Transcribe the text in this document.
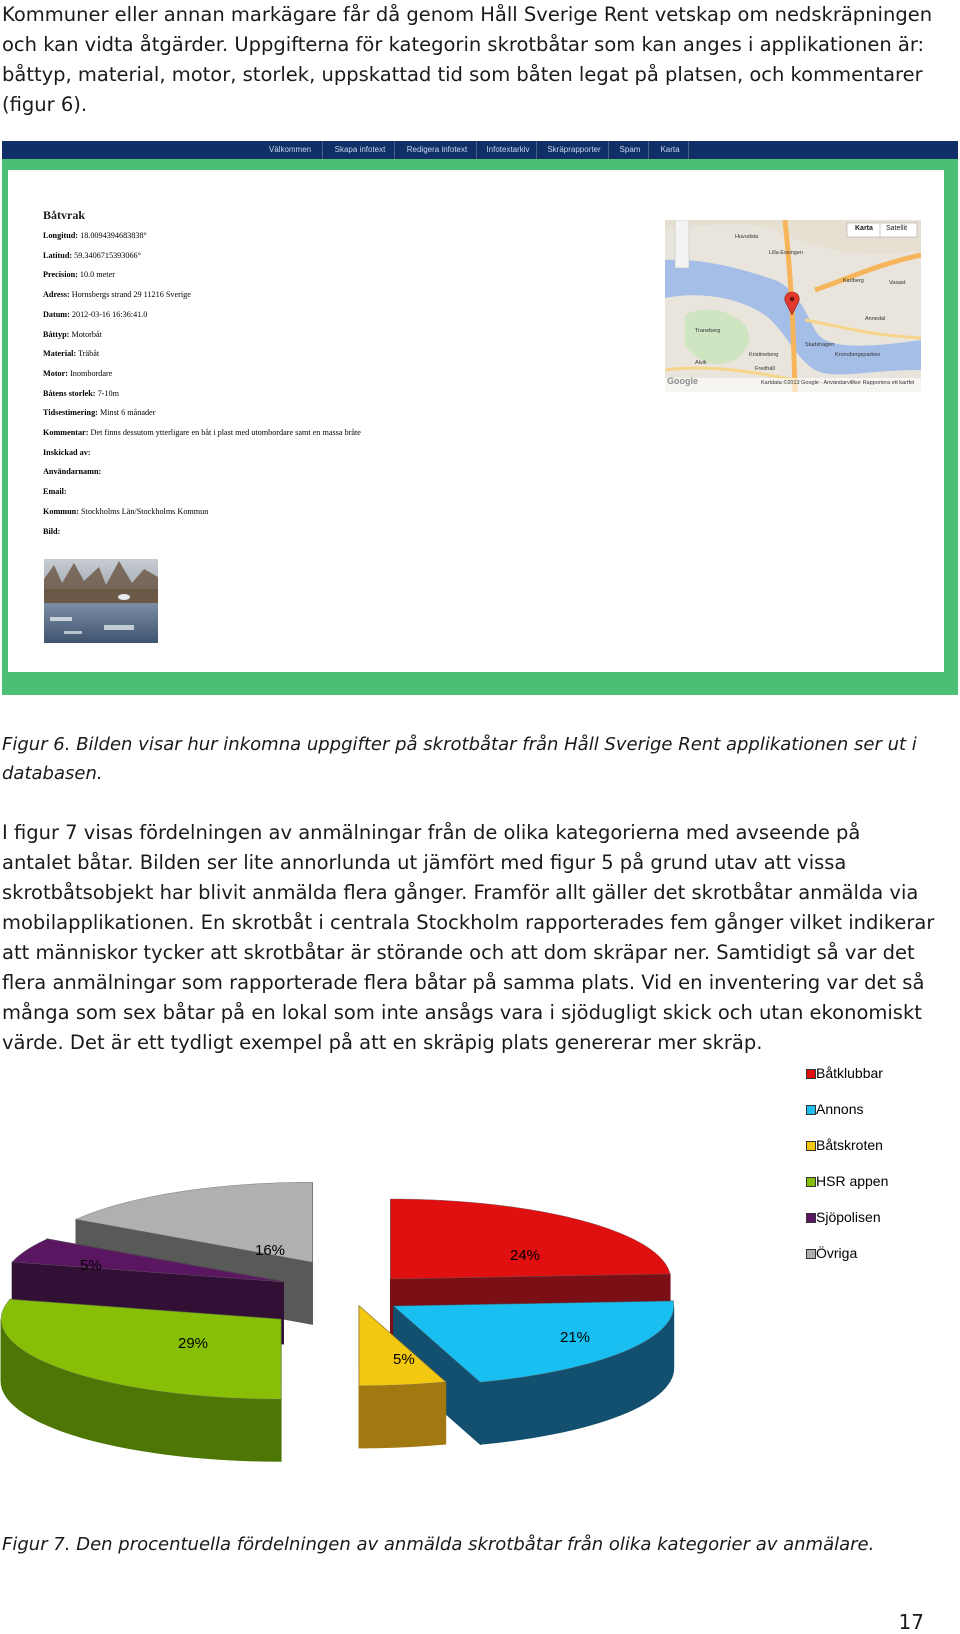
Kommuner eller annan markägare får då genom Håll Sverige Rent vetskap om nedskräpningen
och kan vidta åtgärder. Uppgifterna för kategorin skrotbåtar som kan anges i applikationen är:
båttyp, material, motor, storlek, uppskattad tid som båten legat på platsen, och kommentarer
(figur 6).
Välkommen	Skapa infotext	Redigera infotext	Infotextarkiv	Skräprapporter	Spam	Karta
Båtvrak
Longitud: 18.0094394683838°
Latitud: 59.3406715393066°
Precision: 10.0 meter
Adress: Hornsbergs strand 29 11216 Sverige
Datum: 2012-03-16 16:36:41.0
Båttyp: Motorbåt
Material: Träbåt
Motor: Inombordare
Båtens storlek: 7-10m
Tidsestimering: Minst 6 månader
Kommentar: Det finns dessutom ytterligare en båt i plast med utombordare samt en massa bråte
Inskickad av:
Användarnamn:
Email:
Kommun: Stockholms Län/Stockholms Kommun
Bild:
Huvudsta
Lilla Essingen
Traneberg
Alvik
Kristineberg
Stadshagen
Fredhäll
Karlberg	Vasast
Kronobergsparken
Annedal
Karta Satellit
Kartdata ©2013 Google - Användarvillkor Rapportera ett kartfel
Google
Figur 6. Bilden visar hur inkomna uppgifter på skrotbåtar från Håll Sverige Rent applikationen ser ut i databasen.
I figur 7 visas fördelningen av anmälningar från de olika kategorierna med avseende på
antalet båtar. Bilden ser lite annorlunda ut jämfört med figur 5 på grund utav att vissa
skrotbåtsobjekt har blivit anmälda flera gånger. Framför allt gäller det skrotbåtar anmälda via
mobilapplikationen. En skrotbåt i centrala Stockholm rapporterades fem gånger vilket indikerar
att människor tycker att skrotbåtar är störande och att dom skräpar ner. Samtidigt så var det
flera anmälningar som rapporterade flera båtar på samma plats. Vid en inventering var det så
många som sex båtar på en lokal som inte ansågs vara i sjödugligt skick och utan ekonomiskt
värde. Det är ett tydligt exempel på att en skräpig plats genererar mer skräp.
24%
21%
5%
29%
5%
16%
Båtklubbar
Annons
Båtskroten
HSR appen
Sjöpolisen
Övriga
Figur 7. Den procentuella fördelningen av anmälda skrotbåtar från olika kategorier av anmälare.
17
